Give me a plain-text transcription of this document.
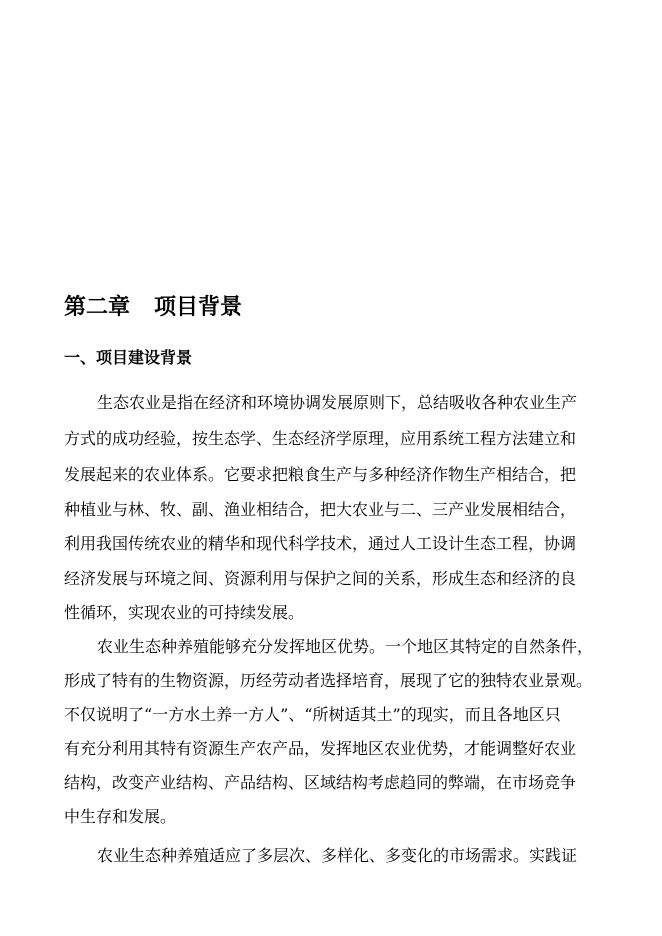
第二章 项目背景
一、项目建设背景

生态农业是指在经济和环境协调发展原则下，总结吸收各种农业生产

方式的成功经验，按生态学、生态经济学原理，应用系统工程方法建立和

发展起来的农业体系。它要求把粮食生产与多种经济作物生产相结合，把

种植业与林、牧、副、渔业相结合，把大农业与二、三产业发展相结合，

利用我国传统农业的精华和现代科学技术，通过人工设计生态工程，协调

经济发展与环境之间、资源利用与保护之间的关系，形成生态和经济的良

性循环，实现农业的可持续发展。

农业生态种养殖能够充分发挥地区优势。一个地区其特定的自然条件，

形成了特有的生物资源，历经劳动者选择培育，展现了它的独特农业景观。

不仅说明了“一方水土养一方人”、“所树适其土”的现实，而且各地区只

有充分利用其特有资源生产农产品，发挥地区农业优势，才能调整好农业

结构，改变产业结构、产品结构、区域结构考虑趋同的弊端，在市场竞争

中生存和发展。

农业生态种养殖适应了多层次、多样化、多变化的市场需求。实践证
